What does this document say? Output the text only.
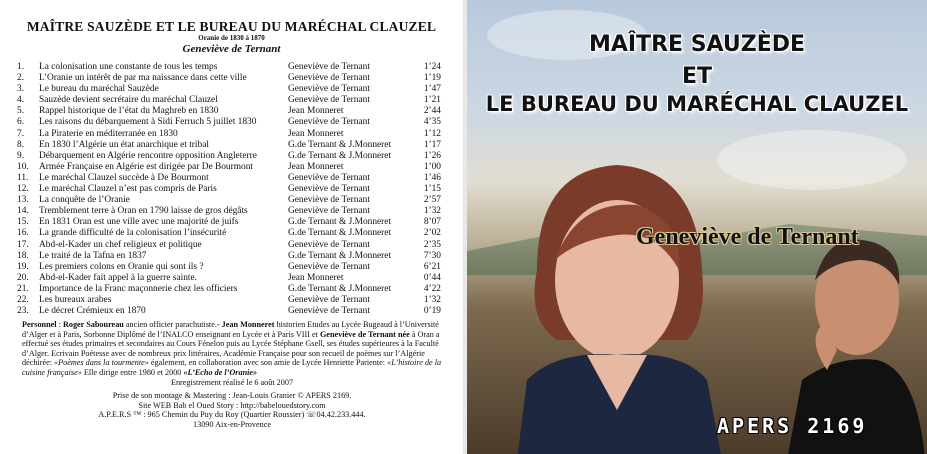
MAÎTRE SAUZÈDE ET LE BUREAU DU MARÉCHAL CLAUZEL
Oranie de 1830 à 1870
Geneviève de Ternant
1. La colonisation une constante de tous les temps	Geneviève de Ternant	1’24
2. L’Oranie un intérêt de par ma naissance dans cette ville	Geneviève de Ternant	1’19
3. Le bureau du maréchal Sauzède	Geneviève de Ternant	1’47
4. Sauzède devient secrétaire du maréchal Clauzel	Geneviève de Ternant	1’21
5. Rappel historique de l’état du Maghreb en 1830	Jean Monneret	2’44
6. Les raisons du débarquement à Sidi Ferruch 5 juillet 1830	Geneviève de Ternant	4’35
7. La Piraterie en méditerranée en 1830	Jean Monneret	1’12
8. En 1830 l’Algérie un état anarchique et tribal	G.de Ternant & J.Monneret	1’17
9. Débarquement en Algérie rencontre opposition Angleterre	G.de Ternant & J.Monneret	1’26
10. Armée Française en Algérie est dirigée par De Bourmont	Jean Monneret	1’00
11. Le maréchal Clauzel succède à De Bourmont	Geneviève de Ternant	1’46
12. Le maréchal Clauzel n’est pas compris de Paris	Geneviève de Ternant	1’15
13. La conquête de l’Oranie	Geneviève de Ternant	2’57
14. Tremblement terre à Oran en 1790 laisse de gros dégâts	Geneviève de Ternant	1’32
15. En 1831 Oran est une ville avec une majorité de juifs	G.de Ternant & J.Monneret	8’07
16. La grande difficulté de la colonisation l’insécurité	G.de Ternant & J.Monneret	2’02
17. Abd-el-Kader un chef religieux et politique	Geneviève de Ternant	2’35
18. Le traité de la Tafna en 1837	G.de Ternant & J.Monneret	7’30
19. Les premiers colons en Oranie qui sont ils ?	Geneviève de Ternant	6’21
20. Abd-el-Kader fait appel à la guerre sainte.	Jean Monneret	0’44
21. Importance de la Franc maçonnerie chez les officiers	G.de Ternant & J.Monneret	4’22
22. Les bureaux arabes	Geneviève de Ternant	1’32
23. Le décret Crémieux en 1870	Geneviève de Ternant	0’19
Personnel : Roger Saboureau ancien officier parachutiste.- Jean Monneret historien Etudes au Lycée Bugeaud à l’Université d’Alger et à Paris, Sorbonne Diplômé de l’INALCO enseignant en Lycée et à Paris VIII et Geneviève de Ternant née à Oran a effectué ses études primaires et secondaires au Cours Fénelon puis au Lycée Stéphane Gsell, ses études supérieures à la Faculté d’Alger. Ecrivain Poétesse avec de nombreux prix littéraires, Académie Française pour son recueil de poèmes sur l’Algérie déchirée: «Poèmes dans la tourmente» également, en collaboration avec son amie de Lycée Henriette Pariente: «L’histoire de la cuisine française» Elle dirige entre 1980 et 2000 «L’Echo de l’Oranie»
Enregistrement réalisé le 6 août 2007
Prise de son montage & Mastering : Jean-Louis Granier © APERS 2169.
Site WEB Bab el Oued Story : http://babelouedstory.com
A.P.E.R.S ™ : 965 Chemin du Puy du Roy (Quartier Roussier) ☏04.42.233.444.
13090 Aix-en-Provence
MAÎTRE SAUZÈDE
ET
LE BUREAU DU MARÉCHAL CLAUZEL
Geneviève de Ternant
APERS 2169
